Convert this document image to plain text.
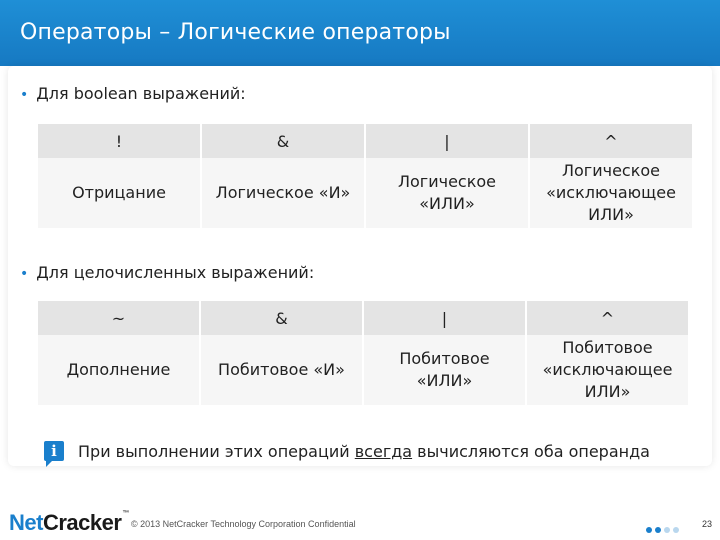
Операторы – Логические операторы
• Для boolean выражений:
!	&	|	^
Отрицание	Логическое «И»	Логическое «ИЛИ»	Логическое «исключающее ИЛИ»
• Для целочисленных выражений:
~	&	|	^
Дополнение	Побитовое «И»	Побитовое «ИЛИ»	Побитовое «исключающее ИЛИ»
i	При выполнении этих операций всегда вычисляются оба операнда
NetCracker™
© 2013 NetCracker Technology Corporation Confidential	23
